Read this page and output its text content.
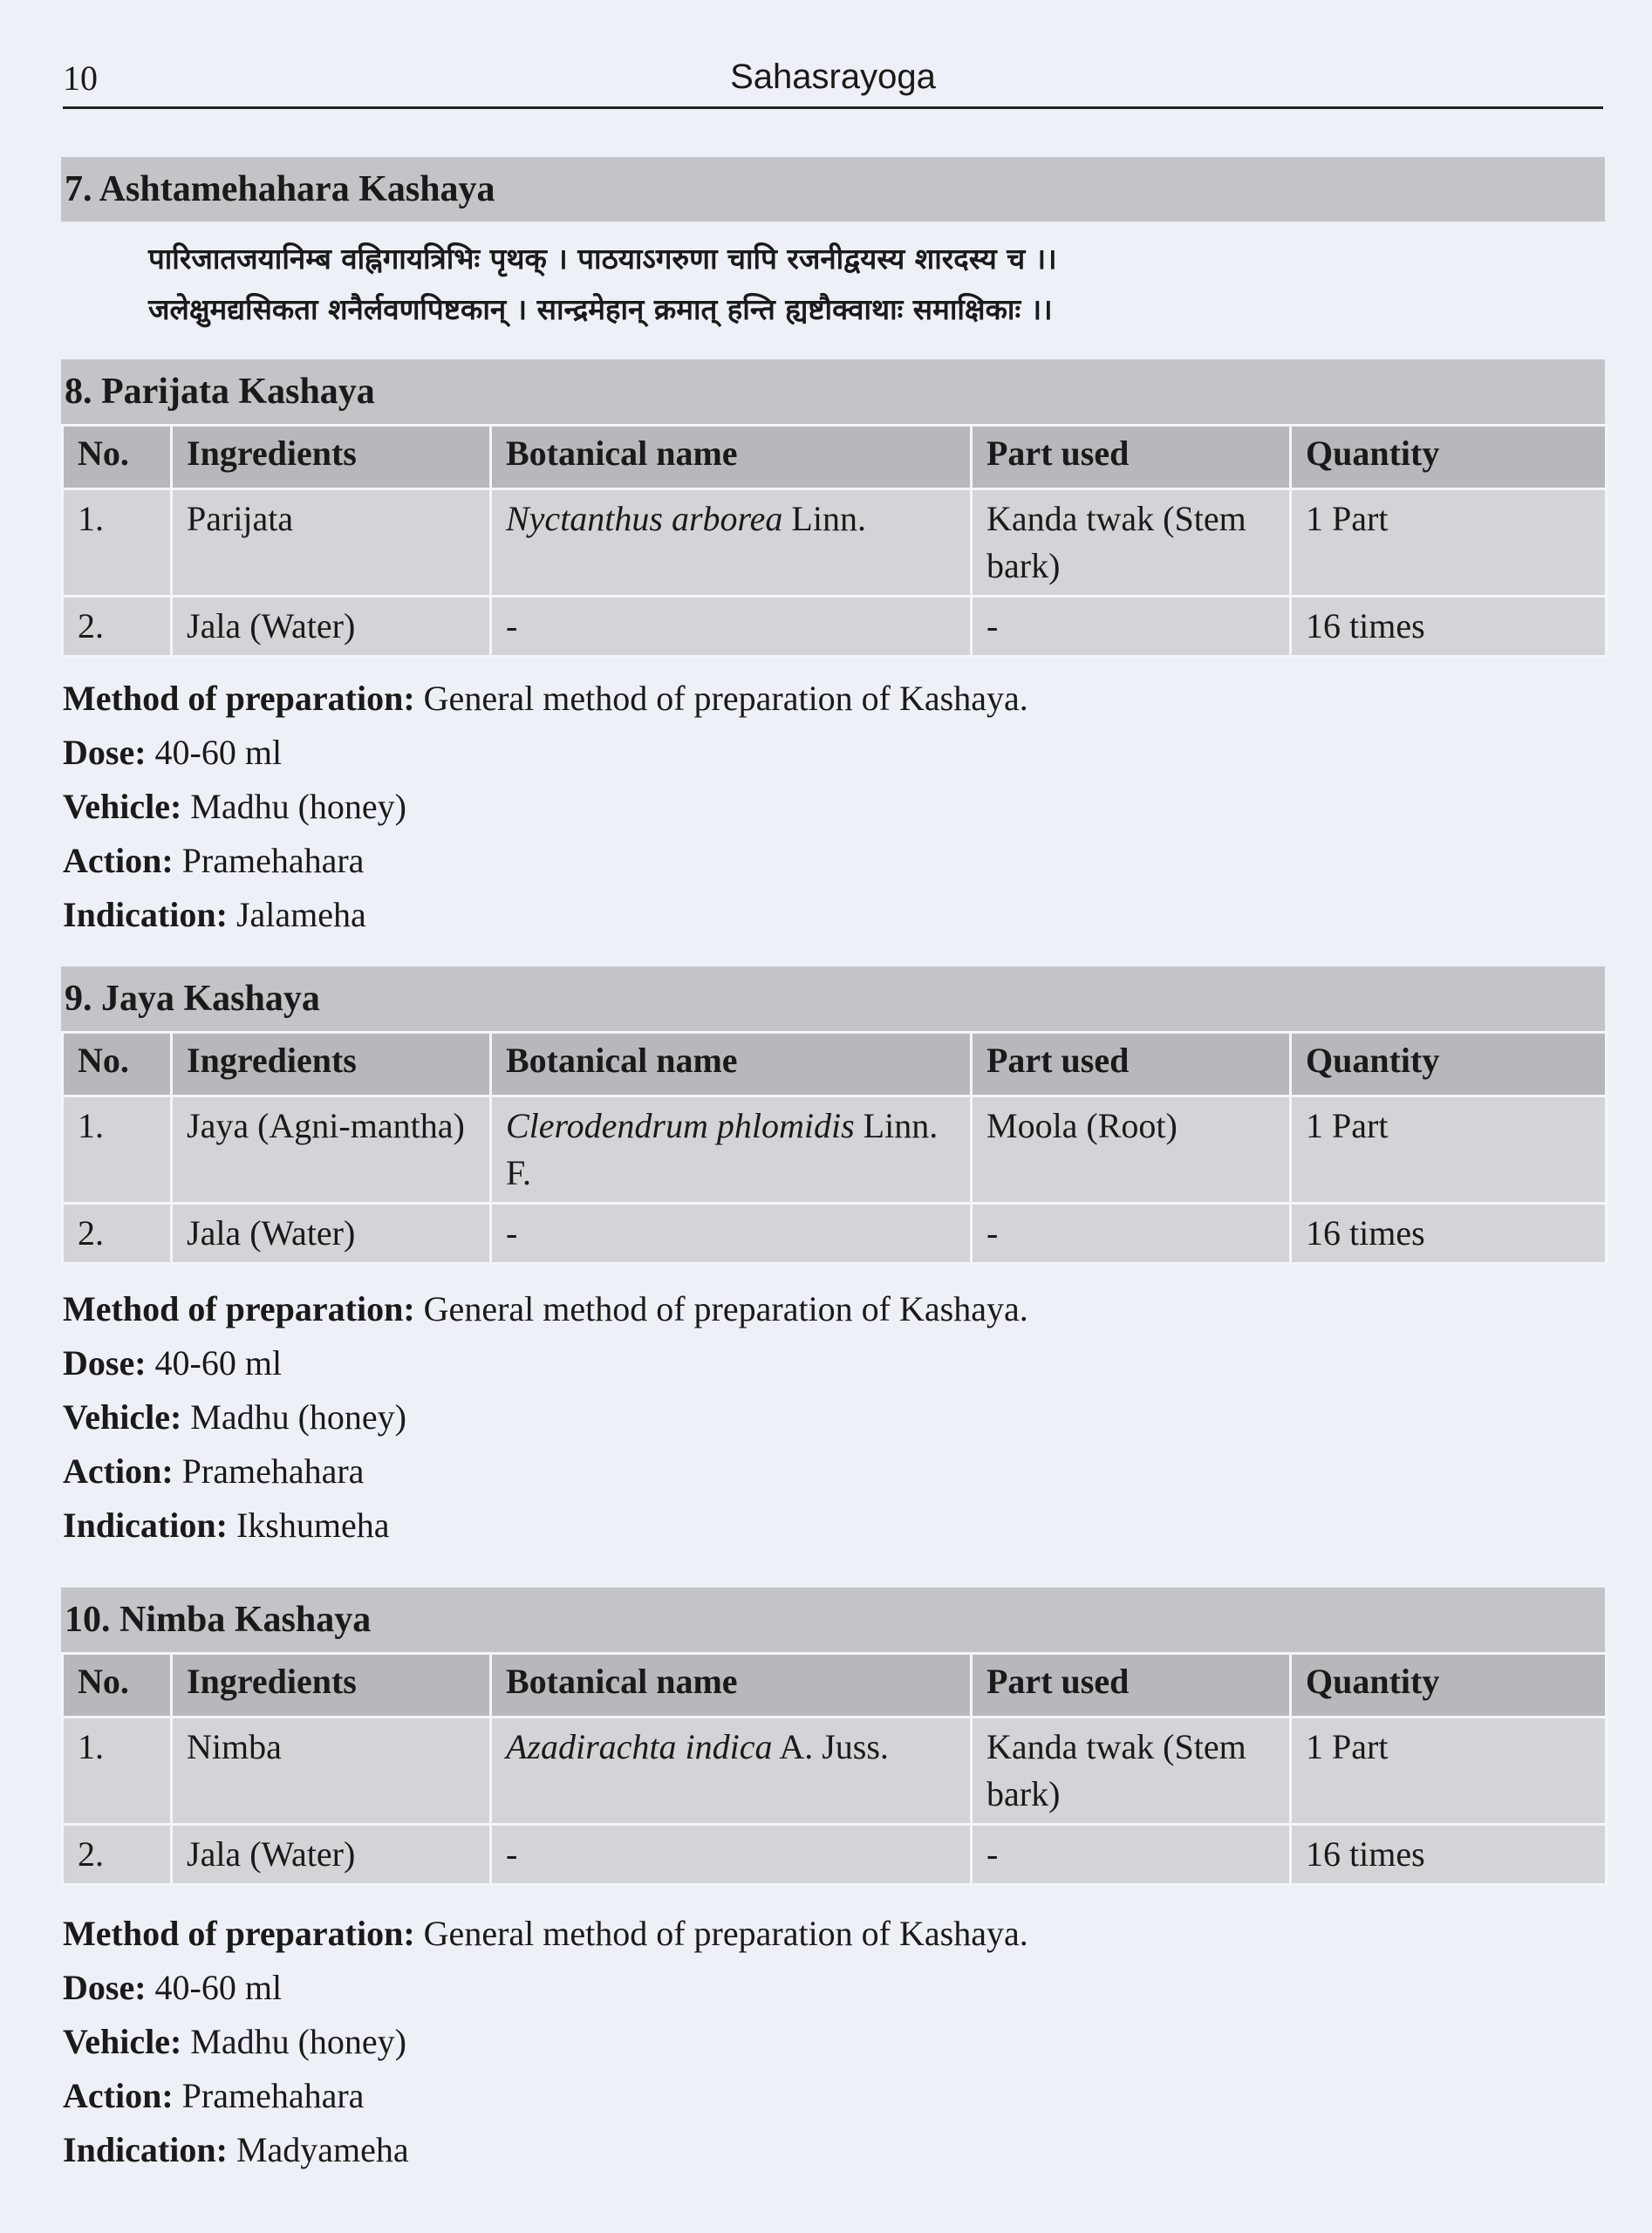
10	Sahasrayoga
7. Ashtamehahara Kashaya
पारिजातजयानिम्ब वह्निगायत्रिभिः पृथक् । पाठयाऽगरुणा चापि रजनीद्वयस्य शारदस्य च ।।
जलेक्षुमद्यसिकता शनैर्लवणपिष्टकान् । सान्द्रमेहान् क्रमात् हन्ति ह्यष्टौक्वाथाः समाक्षिकाः ।।
8. Parijata Kashaya
No.	Ingredients	Botanical name	Part used	Quantity
1.	Parijata	Nyctanthus arborea Linn.	Kanda twak (Stem bark)	1 Part
2.	Jala (Water)	-	-	16 times
Method of preparation: General method of preparation of Kashaya.
Dose: 40-60 ml
Vehicle: Madhu (honey)
Action: Pramehahara
Indication: Jalameha
9. Jaya Kashaya
No.	Ingredients	Botanical name	Part used	Quantity
1.	Jaya (Agni-mantha)	Clerodendrum phlomidis Linn. F.	Moola (Root)	1 Part
2.	Jala (Water)	-	-	16 times
Method of preparation: General method of preparation of Kashaya.
Dose: 40-60 ml
Vehicle: Madhu (honey)
Action: Pramehahara
Indication: Ikshumeha
10. Nimba Kashaya
No.	Ingredients	Botanical name	Part used	Quantity
1.	Nimba	Azadirachta indica A. Juss.	Kanda twak (Stem bark)	1 Part
2.	Jala (Water)	-	-	16 times
Method of preparation: General method of preparation of Kashaya.
Dose: 40-60 ml
Vehicle: Madhu (honey)
Action: Pramehahara
Indication: Madyameha
